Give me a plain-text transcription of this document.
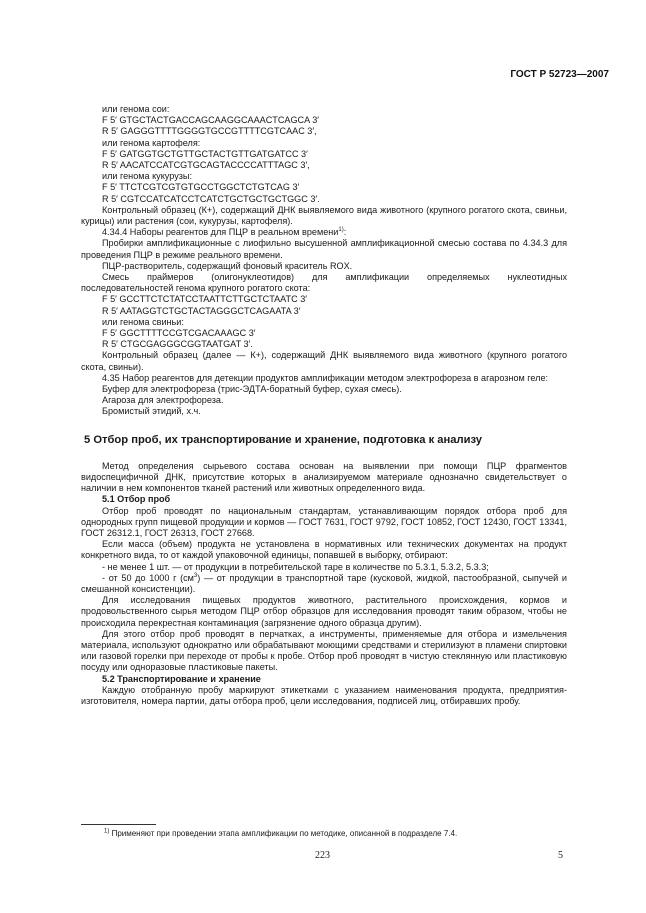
ГОСТ Р 52723—2007

или генома сои:

F 5′ GTGCTACTGACCAGCAAGGCAAACTCAGCA 3′

R 5′ GAGGGTTTTGGGGTGCCGTTTTCGTCAAC 3′,

или генома картофеля:

F 5′ GATGGTGCTGTTGCTACTGTTGATGATCC 3′

R 5′ AACATCCATCGTGCAGTACCCCATTTAGC 3′,

или генома кукурузы:

F 5′ TTCTCGTCGTGTGCCTGGCTCTGTCAG 3′

R 5′ CGTCCATCATCCTCATCTGCTGCTGCTGGC 3′.

Контрольный образец (К+), содержащий ДНК выявляемого вида животного (крупного рогатого скота, свиньи, курицы) или растения (сои, кукурузы, картофеля).

4.34.4 Наборы реагентов для ПЦР в реальном времени$^{1)}$:

Пробирки амплификационные с лиофильно высушенной амплификационной смесью состава по 4.34.3 для проведения ПЦР в режиме реального времени.

ПЦР-растворитель, содержащий фоновый краситель ROX.

Смесь праймеров (олигонуклеотидов) для амплификации определяемых нуклеотидных последовательностей генома крупного рогатого скота:

F 5′ GCCTTCTCTATCCTAATTCTTGCTCTAATC 3′

R 5′ AATAGGTCTGCTACTAGGGCTCAGAATA 3′

или генома свиньи:

F 5′ GGCTTTTCCGTCGACAAAGC 3′

R 5′ CTGCGAGGGCGGTAATGAT 3′.

Контрольный образец (далее — К+), содержащий ДНК выявляемого вида животного (крупного рогатого скота, свиньи).

4.35 Набор реагентов для детекции продуктов амплификации методом электрофореза в агарозном геле:

Буфер для электрофореза (трис-ЭДТА-боратный буфер, сухая смесь).

Агароза для электрофореза.

Бромистый этидий, х.ч.

5 Отбор проб, их транспортирование и хранение, подготовка к анализу

Метод определения сырьевого состава основан на выявлении при помощи ПЦР фрагментов видоспецифичной ДНК, присутствие которых в анализируемом материале однозначно свидетельствует о наличии в нем компонентов тканей растений или животных определенного вида.

5.1 Отбор проб

Отбор проб проводят по национальным стандартам, устанавливающим порядок отбора проб для однородных групп пищевой продукции и кормов — ГОСТ 7631, ГОСТ 9792, ГОСТ 10852, ГОСТ 12430, ГОСТ 13341, ГОСТ 26312.1, ГОСТ 26313, ГОСТ 27668.

Если масса (объем) продукта не установлена в нормативных или технических документах на продукт конкретного вида, то от каждой упаковочной единицы, попавшей в выборку, отбирают:

- не менее 1 шт. — от продукции в потребительской таре в количестве по 5.3.1, 5.3.2, 5.3.3;

- от 50 до 1000 г $(см^3)$ — от продукции в транспортной таре (кусковой, жидкой, пастообразной, сыпучей и смешанной консистенции).

Для исследования пищевых продуктов животного, растительного происхождения, кормов и продовольственного сырья методом ПЦР отбор образцов для исследования проводят таким образом, чтобы не происходила перекрестная контаминация (загрязнение одного образца другим).

Для этого отбор проб проводят в перчатках, а инструменты, применяемые для отбора и измельчения материала, используют однократно или обрабатывают моющими средствами и стерилизуют в пламени спиртовки или газовой горелки при переходе от пробы к пробе. Отбор проб проводят в чистую стеклянную или пластиковую посуду или одноразовые пластиковые пакеты.

5.2 Транспортирование и хранение

Каждую отобранную пробу маркируют этикетками с указанием наименования продукта, предприятия-изготовителя, номера партии, даты отбора проб, цели исследования, подписей лиц, отбиравших пробу.

$^{1)}$ Применяют при проведении этапа амплификации по методике, описанной в подразделе 7.4.
223	5
